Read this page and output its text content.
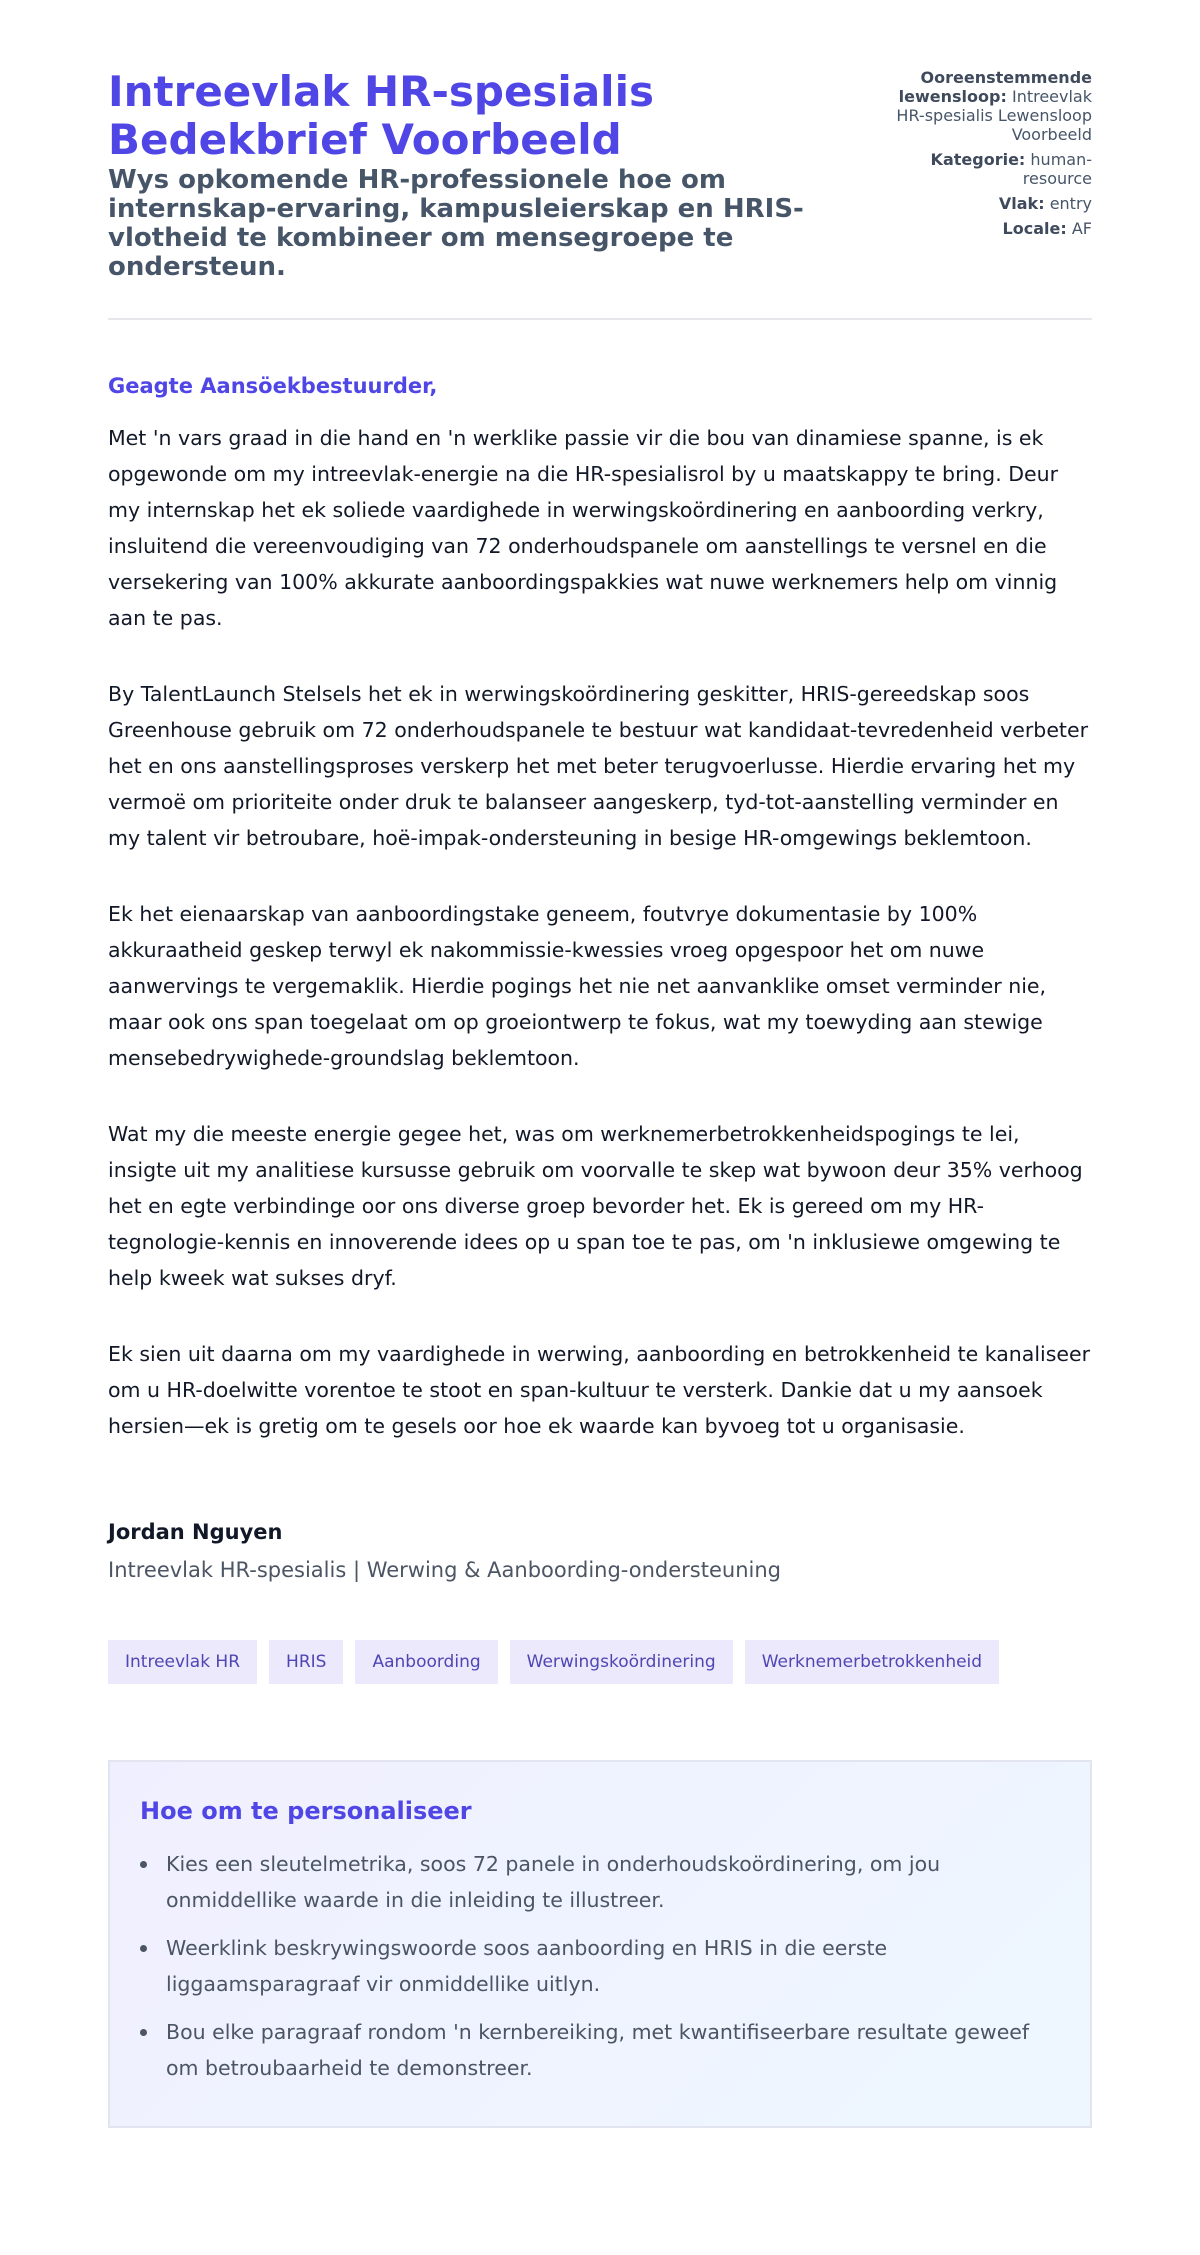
Intreevlak HR-spesialis Bedekbrief Voorbeeld
Wys opkomende HR-professionele hoe om internskap-ervaring, kampusleierskap en HRIS-vlotheid te kombineer om mensegroepe te ondersteun.
Ooreenstemmende lewensloop: Intreevlak HR-spesialis Lewensloop Voorbeeld
Kategorie: human-resource
Vlak: entry
Locale: AF

Geagte Aansöekbestuurder,

Met 'n vars graad in die hand en 'n werklike passie vir die bou van dinamiese spanne, is ek opgewonde om my intreevlak-energie na die HR-spesialisrol by u maatskappy te bring. Deur my internskap het ek soliede vaardighede in werwingskoördinering en aanboording verkry, insluitend die vereenvoudiging van 72 onderhoudspanele om aanstellings te versnel en die versekering van 100% akkurate aanboordingspakkies wat nuwe werknemers help om vinnig aan te pas.

By TalentLaunch Stelsels het ek in werwingskoördinering geskitter, HRIS-gereedskap soos Greenhouse gebruik om 72 onderhoudspanele te bestuur wat kandidaat-tevredenheid verbeter het en ons aanstellingsproses verskerp het met beter terugvoerlusse. Hierdie ervaring het my vermoë om prioriteite onder druk te balanseer aangeskerp, tyd-tot-aanstelling verminder en my talent vir betroubare, hoë-impak-ondersteuning in besige HR-omgewings beklemtoon.

Ek het eienaarskap van aanboordingstake geneem, foutvrye dokumentasie by 100% akkuraatheid geskep terwyl ek nakommissie-kwessies vroeg opgespoor het om nuwe aanwervings te vergemaklik. Hierdie pogings het nie net aanvanklike omset verminder nie, maar ook ons span toegelaat om op groeiontwerp te fokus, wat my toewyding aan stewige mensebedrywighede-groundslag beklemtoon.

Wat my die meeste energie gegee het, was om werknemerbetrokkenheidspogings te lei, insigte uit my analitiese kursusse gebruik om voorvalle te skep wat bywoon deur 35% verhoog het en egte verbindinge oor ons diverse groep bevorder het. Ek is gereed om my HR-tegnologie-kennis en innoverende idees op u span toe te pas, om 'n inklusiewe omgewing te help kweek wat sukses dryf.

Ek sien uit daarna om my vaardighede in werwing, aanboording en betrokkenheid te kanaliseer om u HR-doelwitte vorentoe te stoot en span-kultuur te versterk. Dankie dat u my aansoek hersien—ek is gretig om te gesels oor hoe ek waarde kan byvoeg tot u organisasie.

Jordan Nguyen
Intreevlak HR-spesialis | Werwing & Aanboording-ondersteuning
Intreevlak HR	HRIS	Aanboording	Werwingskoördinering	Werknemerbetrokkenheid
Hoe om te personaliseer
Kies een sleutelmetrika, soos 72 panele in onderhoudskoördinering, om jou onmiddellike waarde in die inleiding te illustreer.
Weerklink beskrywingswoorde soos aanboording en HRIS in die eerste liggaamsparagraaf vir onmiddellike uitlyn.
Bou elke paragraaf rondom 'n kernbereiking, met kwantifiseerbare resultate geweef om betroubaarheid te demonstreer.
